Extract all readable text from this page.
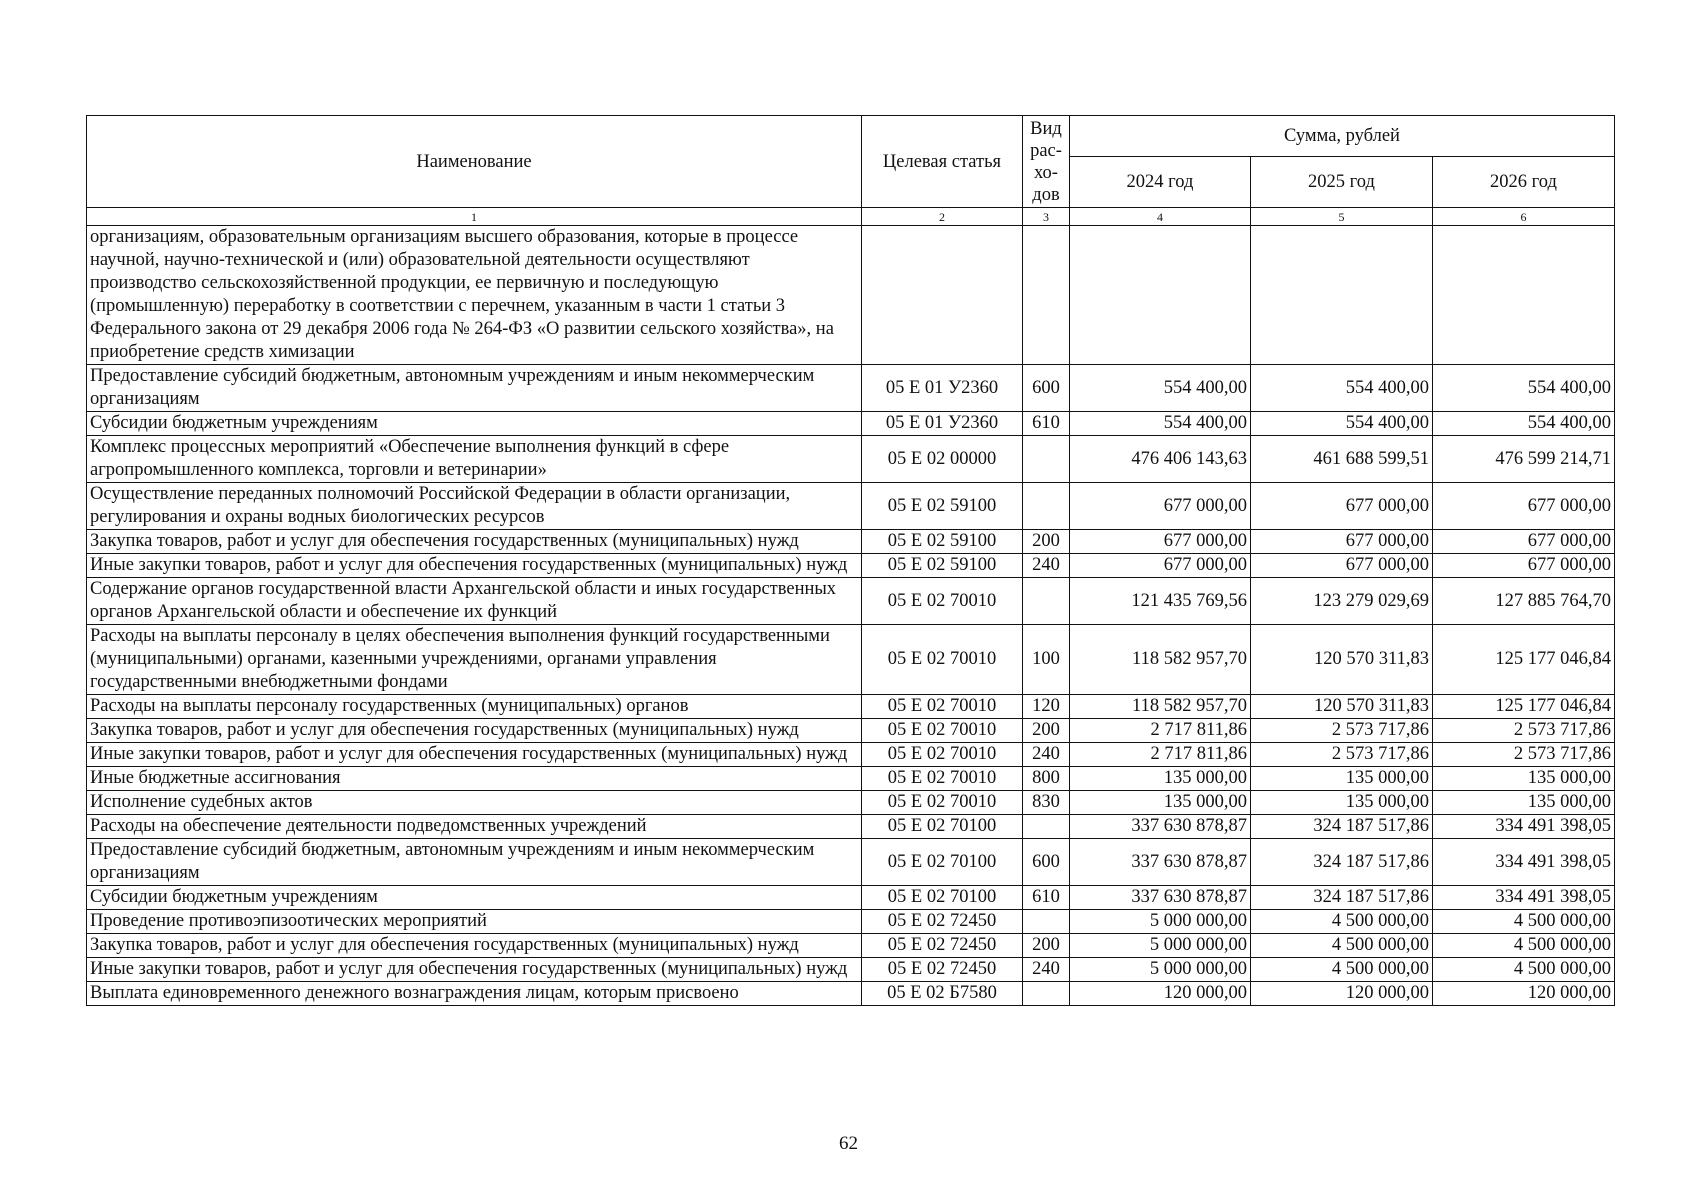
Наименование	Целевая статья	Вид рас-хо-дов	Сумма, рублей		
			2024 год	2025 год	2026 год
1	2	3	4	5	6
организациям, образовательным организациям высшего образования, которые в процессе научной, научно-технической и (или) образовательной деятельности осуществляют производство сельскохозяйственной продукции, ее первичную и последующую (промышленную) переработку в соответствии с перечнем, указанным в части 1 статьи 3 Федерального закона от 29 декабря 2006 года № 264-ФЗ «О развитии сельского хозяйства», на приобретение средств химизации					
Предоставление субсидий бюджетным, автономным учреждениям и иным некоммерческим организациям	05 Е 01 У2360	600	554 400,00	554 400,00	554 400,00
Субсидии бюджетным учреждениям	05 Е 01 У2360	610	554 400,00	554 400,00	554 400,00
Комплекс процессных мероприятий «Обеспечение выполнения функций в сфере агропромышленного комплекса, торговли и ветеринарии»	05 Е 02 00000		476 406 143,63	461 688 599,51	476 599 214,71
Осуществление переданных полномочий Российской Федерации в области организации, регулирования и охраны водных биологических ресурсов	05 Е 02 59100		677 000,00	677 000,00	677 000,00
Закупка товаров, работ и услуг для обеспечения государственных (муниципальных) нужд	05 Е 02 59100	200	677 000,00	677 000,00	677 000,00
Иные закупки товаров, работ и услуг для обеспечения государственных (муниципальных) нужд	05 Е 02 59100	240	677 000,00	677 000,00	677 000,00
Содержание органов государственной власти Архангельской области и иных государственных органов Архангельской области и обеспечение их функций	05 Е 02 70010		121 435 769,56	123 279 029,69	127 885 764,70
Расходы на выплаты персоналу в целях обеспечения выполнения функций государственными (муниципальными) органами, казенными учреждениями, органами управления государственными внебюджетными фондами	05 Е 02 70010	100	118 582 957,70	120 570 311,83	125 177 046,84
Расходы на выплаты персоналу государственных (муниципальных) органов	05 Е 02 70010	120	118 582 957,70	120 570 311,83	125 177 046,84
Закупка товаров, работ и услуг для обеспечения государственных (муниципальных) нужд	05 Е 02 70010	200	2 717 811,86	2 573 717,86	2 573 717,86
Иные закупки товаров, работ и услуг для обеспечения государственных (муниципальных) нужд	05 Е 02 70010	240	2 717 811,86	2 573 717,86	2 573 717,86
Иные бюджетные ассигнования	05 Е 02 70010	800	135 000,00	135 000,00	135 000,00
Исполнение судебных актов	05 Е 02 70010	830	135 000,00	135 000,00	135 000,00
Расходы на обеспечение деятельности подведомственных учреждений	05 Е 02 70100		337 630 878,87	324 187 517,86	334 491 398,05
Предоставление субсидий бюджетным, автономным учреждениям и иным некоммерческим организациям	05 Е 02 70100	600	337 630 878,87	324 187 517,86	334 491 398,05
Субсидии бюджетным учреждениям	05 Е 02 70100	610	337 630 878,87	324 187 517,86	334 491 398,05
Проведение противоэпизоотических мероприятий	05 Е 02 72450		5 000 000,00	4 500 000,00	4 500 000,00
Закупка товаров, работ и услуг для обеспечения государственных (муниципальных) нужд	05 Е 02 72450	200	5 000 000,00	4 500 000,00	4 500 000,00
Иные закупки товаров, работ и услуг для обеспечения государственных (муниципальных) нужд	05 Е 02 72450	240	5 000 000,00	4 500 000,00	4 500 000,00
Выплата единовременного денежного вознаграждения лицам, которым присвоено	05 Е 02 Б7580		120 000,00	120 000,00	120 000,00
62
